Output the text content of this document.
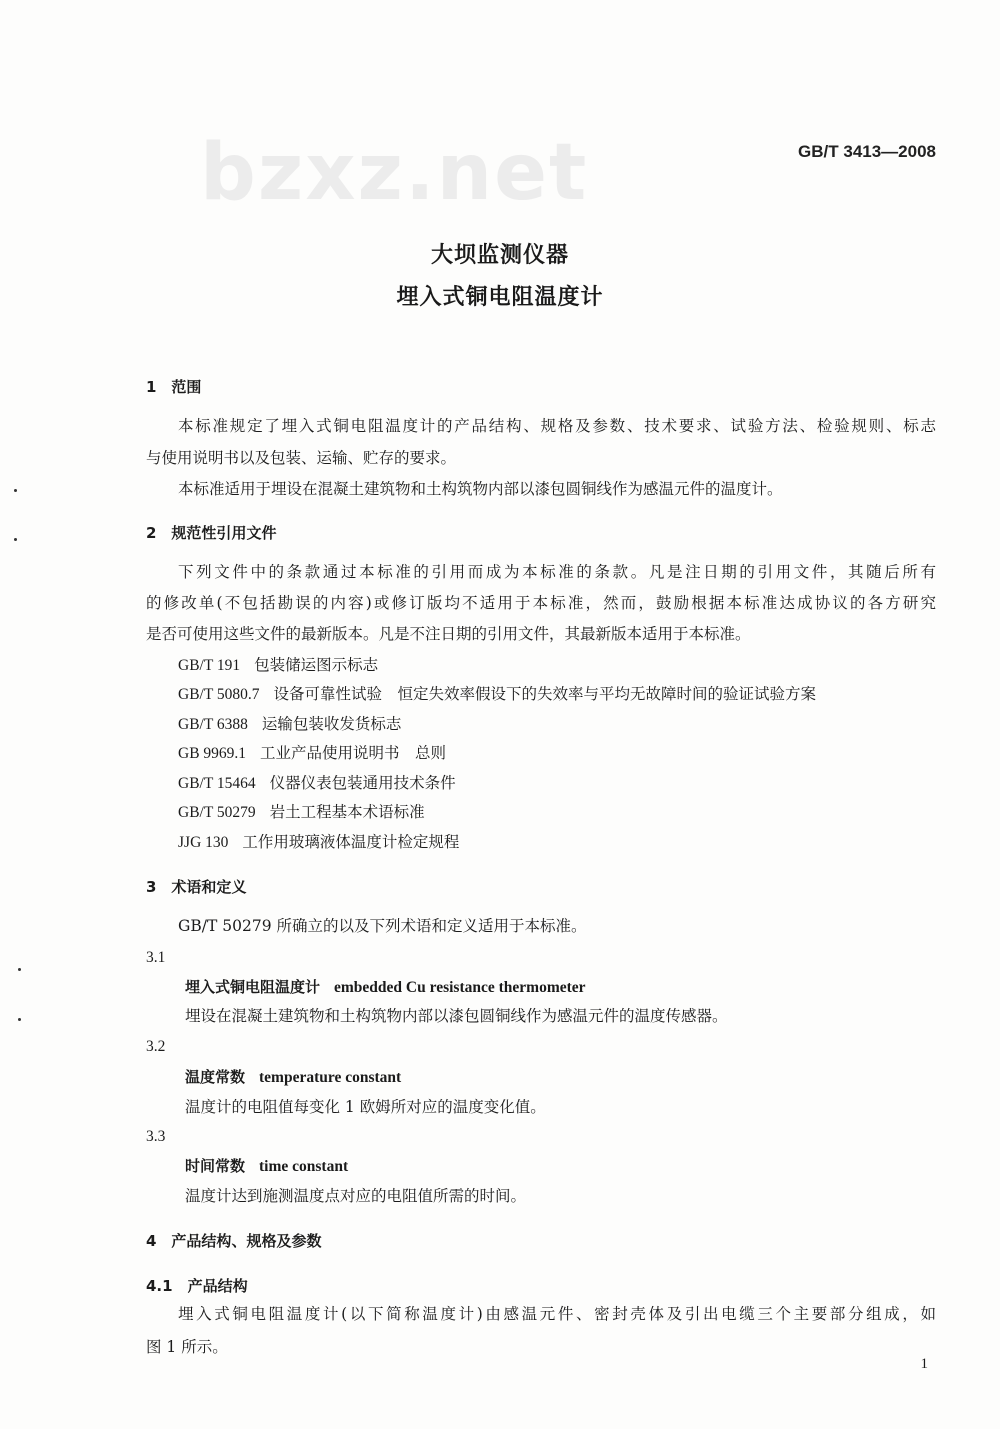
bzxz.net	GB/T 3413—2008
大坝监测仪器
埋入式铜电阻温度计
1　范围
本标准规定了埋入式铜电阻温度计的产品结构、规格及参数、技术要求、试验方法、检验规则、标志
与使用说明书以及包装、运输、贮存的要求。
本标准适用于埋设在混凝土建筑物和土构筑物内部以漆包圆铜线作为感温元件的温度计。
2　规范性引用文件
下列文件中的条款通过本标准的引用而成为本标准的条款。凡是注日期的引用文件，其随后所有
的修改单(不包括勘误的内容)或修订版均不适用于本标准，然而，鼓励根据本标准达成协议的各方研究
是否可使用这些文件的最新版本。凡是不注日期的引用文件，其最新版本适用于本标准。
GB/T 191 包装储运图示标志
GB/T 5080.7 设备可靠性试验　恒定失效率假设下的失效率与平均无故障时间的验证试验方案
GB/T 6388 运输包装收发货标志
GB 9969.1 工业产品使用说明书　总则
GB/T 15464 仪器仪表包装通用技术条件
GB/T 50279 岩土工程基本术语标准
JJG 130 工作用玻璃液体温度计检定规程
3　术语和定义
GB/T 50279 所确立的以及下列术语和定义适用于本标准。
3.1
埋入式铜电阻温度计 embedded Cu resistance thermometer
埋设在混凝土建筑物和土构筑物内部以漆包圆铜线作为感温元件的温度传感器。
3.2
温度常数 temperature constant
温度计的电阻值每变化 1 欧姆所对应的温度变化值。
3.3
时间常数 time constant
温度计达到施测温度点对应的电阻值所需的时间。
4　产品结构、规格及参数
4.1　产品结构
埋入式铜电阻温度计(以下简称温度计)由感温元件、密封壳体及引出电缆三个主要部分组成，如
图 1 所示。
1
